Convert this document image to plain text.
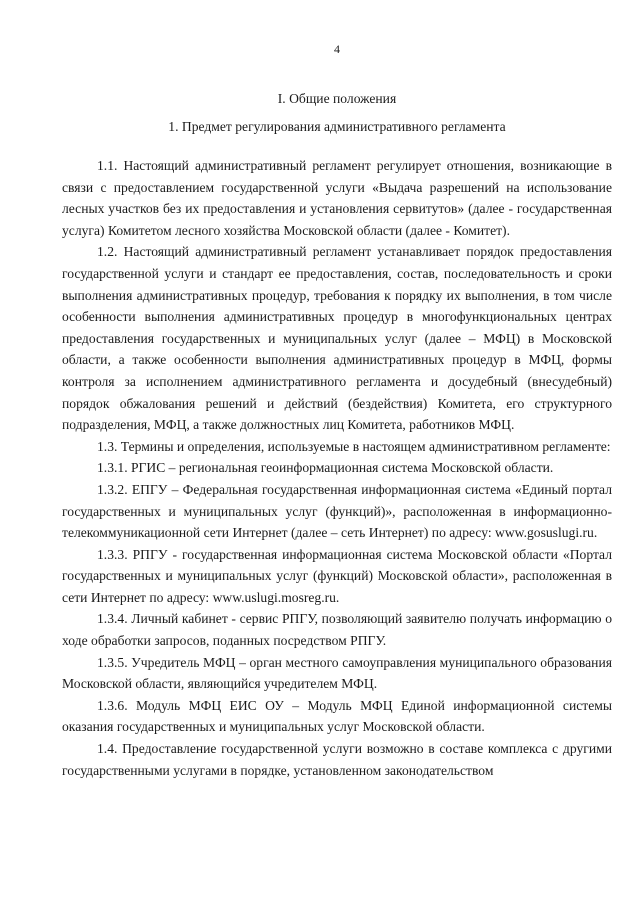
4
I. Общие положения
1. Предмет регулирования административного регламента

1.1. Настоящий административный регламент регулирует отношения, возникающие в связи с предоставлением государственной услуги «Выдача разрешений на использование лесных участков без их предоставления и установления сервитутов» (далее - государственная услуга) Комитетом лесного хозяйства Московской области (далее - Комитет).

1.2. Настоящий административный регламент устанавливает порядок предоставления государственной услуги и стандарт ее предоставления, состав, последовательность и сроки выполнения административных процедур, требования к порядку их выполнения, в том числе особенности выполнения административных процедур в многофункциональных центрах предоставления государственных и муниципальных услуг (далее – МФЦ) в Московской области, а также особенности выполнения административных процедур в МФЦ, формы контроля за исполнением административного регламента и досудебный (внесудебный) порядок обжалования решений и действий (бездействия) Комитета, его структурного подразделения, МФЦ, а также должностных лиц Комитета, работников МФЦ.

1.3. Термины и определения, используемые в настоящем административном регламенте:

1.3.1. РГИС – региональная геоинформационная система Московской области.

1.3.2. ЕПГУ – Федеральная государственная информационная система «Единый портал государственных и муниципальных услуг (функций)», расположенная в информационно-телекоммуникационной сети Интернет (далее – сеть Интернет) по адресу: www.gosuslugi.ru.

1.3.3. РПГУ - государственная информационная система Московской области «Портал государственных и муниципальных услуг (функций) Московской области», расположенная в сети Интернет по адресу: www.uslugi.mosreg.ru.

1.3.4. Личный кабинет - сервис РПГУ, позволяющий заявителю получать информацию о ходе обработки запросов, поданных посредством РПГУ.

1.3.5. Учредитель МФЦ – орган местного самоуправления муниципального образования Московской области, являющийся учредителем МФЦ.

1.3.6. Модуль МФЦ ЕИС ОУ – Модуль МФЦ Единой информационной системы оказания государственных и муниципальных услуг Московской области.

1.4. Предоставление государственной услуги возможно в составе комплекса с другими государственными услугами в порядке, установленном законодательством
